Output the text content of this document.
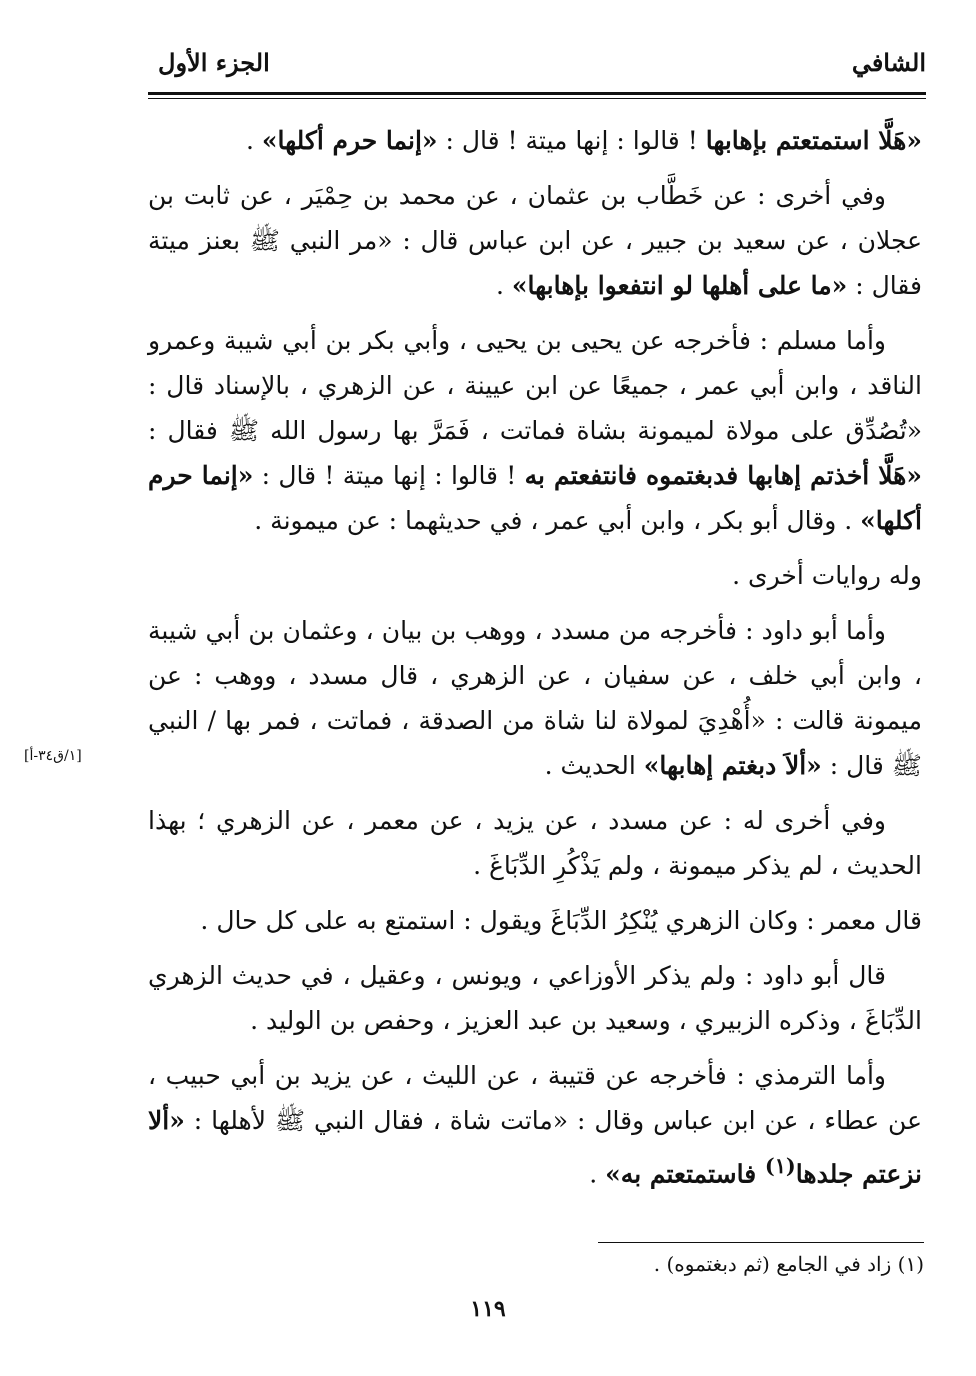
الشافي
الجزء الأول

«هَلَّا استمتعتم بإهابها ! قالوا : إنها ميتة ! قال : «إنما حرم أكلها» .

وفي أخرى : عن خَطَّاب بن عثمان ، عن محمد بن حِمْيَر ، عن ثابت بن عجلان ، عن سعيد بن جبير ، عن ابن عباس قال : «مر النبي ﷺ بعنز ميتة فقال : «ما على أهلها لو انتفعوا بإهابها» .

وأما مسلم : فأخرجه عن يحيى بن يحيى ، وأبي بكر بن أبي شيبة وعمرو الناقد ، وابن أبي عمر ، جميعًا عن ابن عيينة ، عن الزهري ، بالإسناد قال : «تُصُدِّق على مولاة لميمونة بشاة فماتت ، فَمَرَّ بها رسول الله ﷺ فقال : «هَلَّا أخذتم إهابها فدبغتموه فانتفعتم به ! قالوا : إنها ميتة ! قال : «إنما حرم أكلها» . وقال أبو بكر ، وابن أبي عمر ، في حديثهما : عن ميمونة .

وله روايات أخرى .

وأما أبو داود : فأخرجه من مسدد ، ووهب بن بيان ، وعثمان بن أبي شيبة ، وابن أبي خلف ، عن سفيان ، عن الزهري ، قال مسدد ، ووهب : عن ميمونة قالت : «أُهْدِيَ لمولاة لنا شاة من الصدقة ، فماتت ، فمر بها / النبي ﷺ قال : «ألاَ دبغتم إهابها» الحديث .

وفي أخرى له : عن مسدد ، عن يزيد ، عن معمر ، عن الزهري ؛ بهذا الحديث ، لم يذكر ميمونة ، ولم يَذْكُرِ الدِّبَاغَ .

قال معمر : وكان الزهري يُنْكِرُ الدِّبَاغَ ويقول : استمتع به على كل حال .

قال أبو داود : ولم يذكر الأوزاعي ، ويونس ، وعقيل ، في حديث الزهري الدِّبَاغَ ، وذكره الزبيري ، وسعيد بن عبد العزيز ، وحفص بن الوليد .

وأما الترمذي : فأخرجه عن قتيبة ، عن الليث ، عن يزيد بن أبي حبيب ، عن عطاء ، عن ابن عباس وقال : «ماتت شاة ، فقال النبي ﷺ لأهلها : «ألا نزعتم جلدها$^{(١)}$ فاستمتعتم به» .

[١/ق٣٤-أ]
(١) زاد في الجامع (ثم دبغتموه) .
١١٩
